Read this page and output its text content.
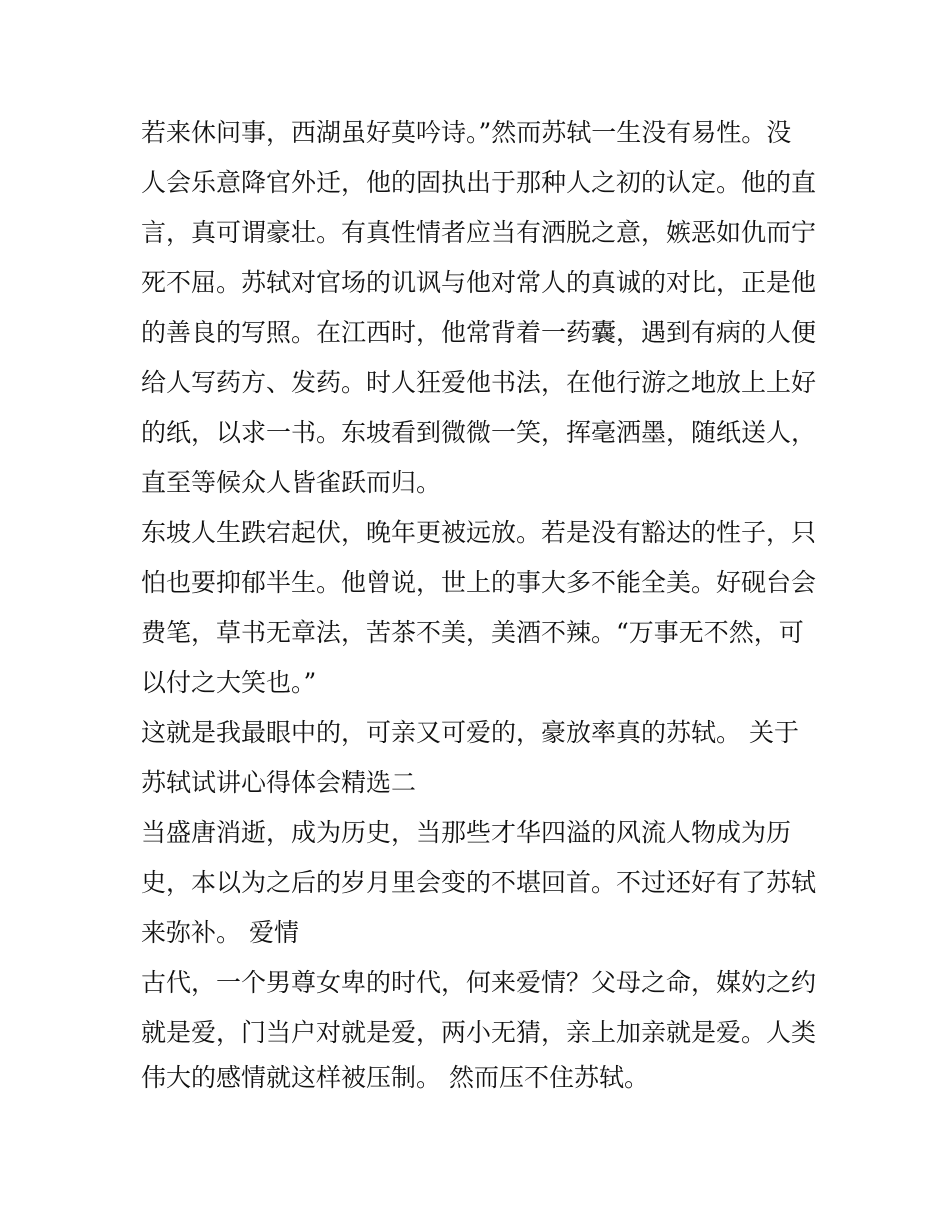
若来休问事，西湖虽好莫吟诗。”然而苏轼一生没有易性。没
人会乐意降官外迁，他的固执出于那种人之初的认定。他的直
言，真可谓豪壮。有真性情者应当有洒脱之意，嫉恶如仇而宁
死不屈。苏轼对官场的讥讽与他对常人的真诚的对比，正是他
的善良的写照。在江西时，他常背着一药囊，遇到有病的人便
给人写药方、发药。时人狂爱他书法，在他行游之地放上上好
的纸，以求一书。东坡看到微微一笑，挥毫洒墨，随纸送人，
直至等候众人皆雀跃而归。
东坡人生跌宕起伏，晚年更被远放。若是没有豁达的性子，只
怕也要抑郁半生。他曾说，世上的事大多不能全美。好砚台会
费笔，草书无章法，苦茶不美，美酒不辣。“万事无不然，可
以付之大笑也。”
这就是我最眼中的，可亲又可爱的，豪放率真的苏轼。 关于
苏轼试讲心得体会精选二
当盛唐消逝，成为历史，当那些才华四溢的风流人物成为历
史，本以为之后的岁月里会变的不堪回首。不过还好有了苏轼
来弥补。 爱情
古代，一个男尊女卑的时代，何来爱情？父母之命，媒妁之约
就是爱，门当户对就是爱，两小无猜，亲上加亲就是爱。人类
伟大的感情就这样被压制。 然而压不住苏轼。
